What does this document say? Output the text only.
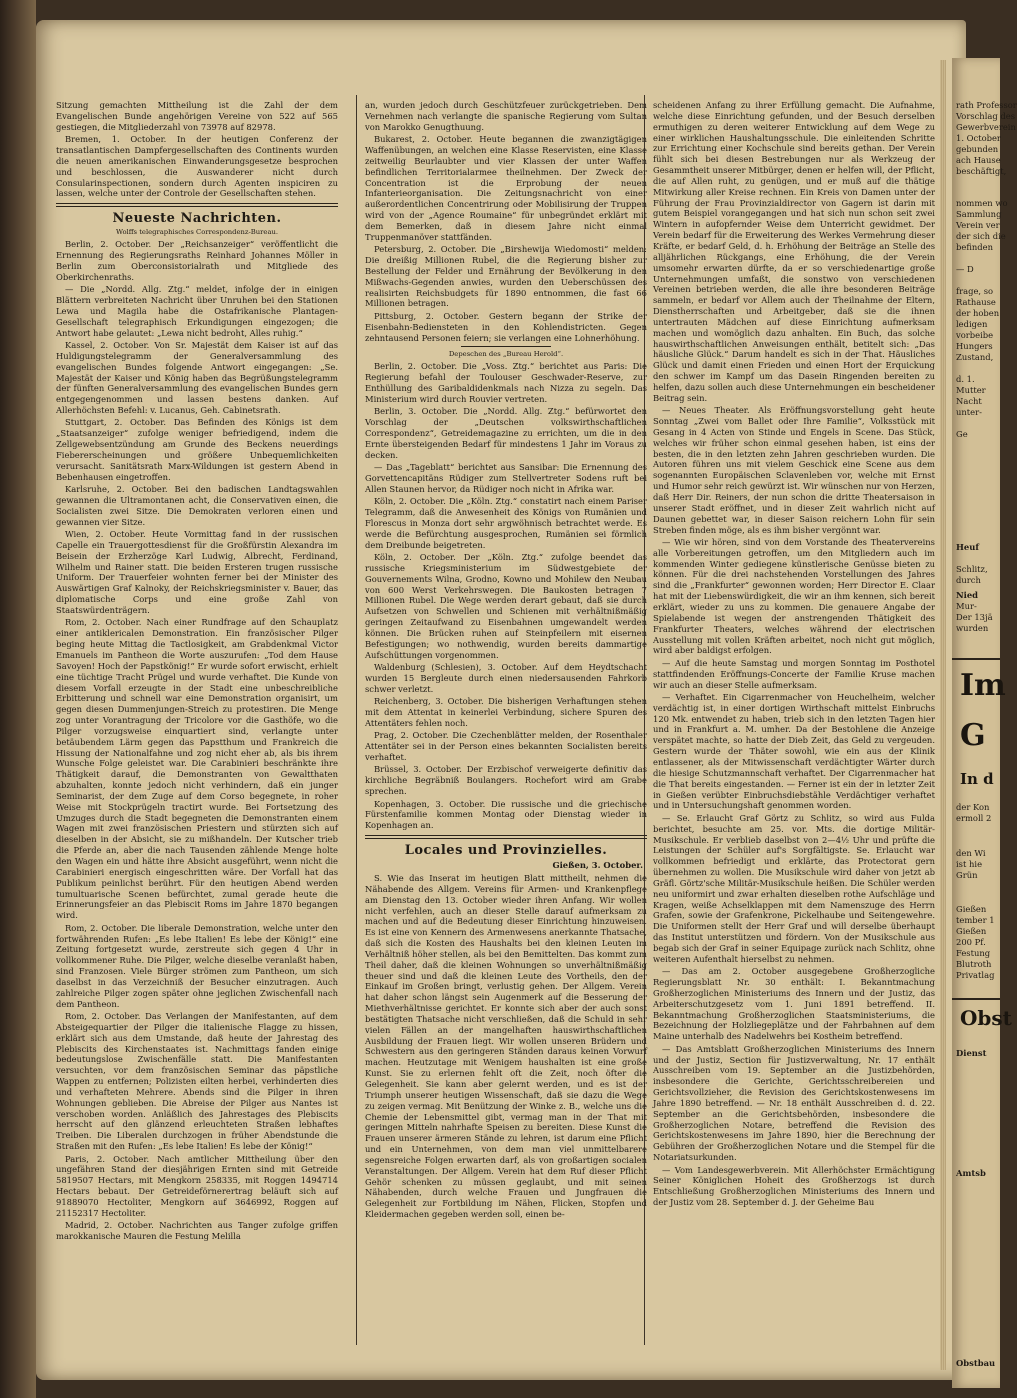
Sitzung gemachten Mittheilung ist die Zahl der dem Evangelischen Bunde angehörigen Vereine von 522 auf 565 gestiegen, die Mitgliederzahl von 73978 auf 82978.

Bremen, 1. October. In der heutigen Conferenz der transatlantischen Dampfergesellschaften des Continents wurden die neuen amerikanischen Einwanderungsgesetze besprochen und beschlossen, die Auswanderer nicht durch Consularinspectionen, sondern durch Agenten inspiciren zu lassen, welche unter der Controle der Gesellschaften stehen.

Neueste Nachrichten.
Wolffs telegraphisches Correspondenz-Bureau.

Berlin, 2. October. Der „Reichsanzeiger“ veröffentlicht die Ernennung des Regierungsraths Reinhard Johannes Möller in Berlin zum Oberconsistorialrath und Mitgliede des Oberkirchenraths.

— Die „Nordd. Allg. Ztg.“ meldet, infolge der in einigen Blättern verbreiteten Nachricht über Unruhen bei den Stationen Lewa und Magila habe die Ostafrikanische Plantagen-Gesellschaft telegraphisch Erkundigungen eingezogen; die Antwort habe gelautet: „Lewa nicht bedroht, Alles ruhig.“

Kassel, 2. October. Von Sr. Majestät dem Kaiser ist auf das Huldigungstelegramm der Generalversammlung des evangelischen Bundes folgende Antwort eingegangen: „Se. Majestät der Kaiser und König haben das Begrüßungstelegramm der fünften Generalversammlung des evangelischen Bundes gern entgegengenommen und lassen bestens danken. Auf Allerhöchsten Befehl: v. Lucanus, Geh. Cabinetsrath.

Stuttgart, 2. October. Das Befinden des Königs ist dem „Staatsanzeiger“ zufolge weniger befriedigend, indem die Zellgewebsentzündung am Grunde des Beckens neuerdings Fiebererscheinungen und größere Unbequemlichkeiten verursacht. Sanitätsrath Marx-Wildungen ist gestern Abend in Bebenhausen eingetroffen.

Karlsruhe, 2. October. Bei den badischen Landtagswahlen gewannen die Ultramontanen acht, die Conservativen einen, die Socialisten zwei Sitze. Die Demokraten verloren einen und gewannen vier Sitze.

Wien, 2. October. Heute Vormittag fand in der russischen Capelle ein Trauergottesdienst für die Großfürstin Alexandra im Beisein der Erzherzöge Karl Ludwig, Albrecht, Ferdinand, Wilhelm und Rainer statt. Die beiden Ersteren trugen russische Uniform. Der Trauerfeier wohnten ferner bei der Minister des Auswärtigen Graf Kalnoky, der Reichskriegsminister v. Bauer, das diplomatische Corps und eine große Zahl von Staatswürdenträgern.

Rom, 2. October. Nach einer Rundfrage auf den Schauplatz einer antiklericalen Demonstration. Ein französischer Pilger beging heute Mittag die Tactlosigkeit, am Grabdenkmal Victor Emanuels im Pantheon die Worte auszurufen: „Tod dem Hause Savoyen! Hoch der Papstkönig!“ Er wurde sofort erwischt, erhielt eine tüchtige Tracht Prügel und wurde verhaftet. Die Kunde von diesem Vorfall erzeugte in der Stadt eine unbeschreibliche Erbitterung und schnell war eine Demonstration organisirt, um gegen diesen Dummenjungen-Streich zu protestiren. Die Menge zog unter Vorantragung der Tricolore vor die Gasthöfe, wo die Pilger vorzugsweise einquartiert sind, verlangte unter betäubendem Lärm gegen das Papstthum und Frankreich die Hissung der Nationalfahne und zog nicht eher ab, als bis ihrem Wunsche Folge geleistet war. Die Carabinieri beschränkte ihre Thätigkeit darauf, die Demonstranten von Gewaltthaten abzuhalten, konnte jedoch nicht verhindern, daß ein junger Seminarist, der dem Zuge auf dem Corso begegnete, in roher Weise mit Stockprügeln tractirt wurde. Bei Fortsetzung des Umzuges durch die Stadt begegneten die Demonstranten einem Wagen mit zwei französischen Priestern und stürzten sich auf dieselben in der Absicht, sie zu mißhandeln. Der Kutscher trieb die Pferde an, aber die nach Tausenden zählende Menge holte den Wagen ein und hätte ihre Absicht ausgeführt, wenn nicht die Carabinieri energisch eingeschritten wäre. Der Vorfall hat das Publikum peinlichst berührt. Für den heutigen Abend werden tumultuarische Scenen befürchtet, zumal gerade heute die Erinnerungsfeier an das Plebiscit Roms im Jahre 1870 begangen wird.

Rom, 2. October. Die liberale Demonstration, welche unter den fortwährenden Rufen: „Es lebe Italien! Es lebe der König!“ eine Zeitung fortgesetzt wurde, zerstreute sich gegen 4 Uhr in vollkommener Ruhe. Die Pilger, welche dieselbe veranlaßt haben, sind Franzosen. Viele Bürger strömen zum Pantheon, um sich daselbst in das Verzeichniß der Besucher einzutragen. Auch zahlreiche Pilger zogen später ohne jeglichen Zwischenfall nach dem Pantheon.

Rom, 2. October. Das Verlangen der Manifestanten, auf dem Absteigequartier der Pilger die italienische Flagge zu hissen, erklärt sich aus dem Umstande, daß heute der Jahrestag des Plebiscits des Kirchenstaates ist. Nachmittags fanden einige bedeutungslose Zwischenfälle statt. Die Manifestanten versuchten, vor dem französischen Seminar das päpstliche Wappen zu entfernen; Polizisten eilten herbei, verhinderten dies und verhafteten Mehrere. Abends sind die Pilger in ihren Wohnungen geblieben. Die Abreise der Pilger aus Nantes ist verschoben worden. Anläßlich des Jahrestages des Plebiscits herrscht auf den glänzend erleuchteten Straßen lebhaftes Treiben. Die Liberalen durchzogen in früher Abendstunde die Straßen mit den Rufen: „Es lebe Italien! Es lebe der König!“

Paris, 2. October. Nach amtlicher Mittheilung über den ungefähren Stand der diesjährigen Ernten sind mit Getreide 5819507 Hectars, mit Mengkorn 258335, mit Roggen 1494714 Hectars bebaut. Der Getreideförnerertrag beläuft sich auf 91889070 Hectoliter, Mengkorn auf 3646992, Roggen auf 21152317 Hectoliter.

Madrid, 2. October. Nachrichten aus Tanger zufolge griffen marokkanische Mauren die Festung Melilla

an, wurden jedoch durch Geschützfeuer zurückgetrieben. Dem Vernehmen nach verlangte die spanische Regierung vom Sultan von Marokko Genugthuung.

Bukarest, 2. October. Heute begannen die zwanzigtägigen Waffenübungen, an welchen eine Klasse Reservisten, eine Klasse zeitweilig Beurlaubter und vier Klassen der unter Waffen befindlichen Territorialarmee theilnehmen. Der Zweck der Concentration ist die Erprobung der neuen Infanterieorganisation. Die Zeitungsnachricht von einer außerordentlichen Concentrirung oder Mobilisirung der Truppen wird von der „Agence Roumaine“ für unbegründet erklärt mit dem Bemerken, daß in diesem Jahre nicht einmal Truppenmanöver stattfänden.

Petersburg, 2. October. Die „Birshewija Wiedomosti“ melden: Die dreißig Millionen Rubel, die die Regierung bisher zur Bestellung der Felder und Ernährung der Bevölkerung in den Mißwachs-Gegenden anwies, wurden den Ueberschüssen des realisirten Reichsbudgets für 1890 entnommen, die fast 66 Millionen betragen.

Pittsburg, 2. October. Gestern begann der Strike der Eisenbahn-Bediensteten in den Kohlendistricten. Gegen zehntausend Personen feiern; sie verlangen eine Lohnerhöhung.

Depeschen des „Bureau Herold“.

Berlin, 2. October. Die „Voss. Ztg.“ berichtet aus Paris: Die Regierung befahl der Toulouser Geschwader-Reserve, zur Enthüllung des Garibaldidenkmals nach Nizza zu segeln. Das Ministerium wird durch Rouvier vertreten.

Berlin, 3. October. Die „Nordd. Allg. Ztg.“ befürwortet den Vorschlag der „Deutschen volkswirthschaftlichen Correspondenz“, Getreidemagazine zu errichten, um die in den Ernte übersteigenden Bedarf für mindestens 1 Jahr im Voraus zu decken.

— Das „Tageblatt“ berichtet aus Sansibar: Die Ernennung des Gorvettencapitäns Rüdiger zum Stellvertreter Sodens ruft bei Allen Staunen hervor, da Rüdiger noch nicht in Afrika war.

Köln, 2. October. Die „Köln. Ztg.“ constatirt nach einem Pariser Telegramm, daß die Anwesenheit des Königs von Rumänien und Florescus in Monza dort sehr argwöhnisch betrachtet werde. Es werde die Befürchtung ausgesprochen, Rumänien sei förmlich dem Dreibunde beigetreten.

Köln, 2. October. Der „Köln. Ztg.“ zufolge beendet das russische Kriegsministerium im Südwestgebiete der Gouvernements Wilna, Grodno, Kowno und Mohilew den Neubau von 600 Werst Verkehrswegen. Die Baukosten betragen 7 Millionen Rubel. Die Wege werden derart gebaut, daß sie durch Aufsetzen von Schwellen und Schienen mit verhältnißmäßig geringen Zeitaufwand zu Eisenbahnen umgewandelt werden können. Die Brücken ruhen auf Steinpfeilern mit eisernen Befestigungen; wo nothwendig, wurden bereits dammartige Aufschüttungen vorgenommen.

Waldenburg (Schlesien), 3. October. Auf dem Heydtschacht wurden 15 Bergleute durch einen niedersausenden Fahrkorb schwer verletzt.

Reichenberg, 3. October. Die bisherigen Verhaftungen stehen mit dem Attentat in keinerlei Verbindung, sichere Spuren des Attentäters fehlen noch.

Prag, 2. October. Die Czechenblätter melden, der Rosenthaler Attentäter sei in der Person eines bekannten Socialisten bereits verhaftet.

Brüssel, 3. October. Der Erzbischof verweigerte definitiv das kirchliche Begräbniß Boulangers. Rochefort wird am Grabe sprechen.

Kopenhagen, 3. October. Die russische und die griechische Fürstenfamilie kommen Montag oder Dienstag wieder in Kopenhagen an.

Locales und Provinzielles.
Gießen, 3. October.

S. Wie das Inserat im heutigen Blatt mittheilt, nehmen die Nähabende des Allgem. Vereins für Armen- und Krankenpflege am Dienstag den 13. October wieder ihren Anfang. Wir wollen nicht verfehlen, auch an dieser Stelle darauf aufmerksam zu machen und auf die Bedeutung dieser Einrichtung hinzuweisen. Es ist eine von Kennern des Armenwesens anerkannte Thatsache, daß sich die Kosten des Haushalts bei den kleinen Leuten im Verhältniß höher stellen, als bei den Bemittelten. Das kommt zum Theil daher, daß die kleinen Wohnungen so unverhältnißmäßig theuer sind und daß die kleinen Leute des Vortheils, den der Einkauf im Großen bringt, verlustig gehen. Der Allgem. Verein hat daher schon längst sein Augenmerk auf die Besserung der Miethverhältnisse gerichtet. Er konnte sich aber der auch sonst bestätigten Thatsache nicht verschließen, daß die Schuld in sehr vielen Fällen an der mangelhaften hauswirthschaftlichen Ausbildung der Frauen liegt. Wir wollen unseren Brüdern und Schwestern aus den geringeren Ständen daraus keinen Vorwurf machen. Heutzutage mit Wenigem haushalten ist eine große Kunst. Sie zu erlernen fehlt oft die Zeit, noch öfter die Gelegenheit. Sie kann aber gelernt werden, und es ist der Triumph unserer heutigen Wissenschaft, daß sie dazu die Wege zu zeigen vermag. Mit Benützung der Winke z. B., welche uns die Chemie der Lebensmittel gibt, vermag man in der That mit geringen Mitteln nahrhafte Speisen zu bereiten. Diese Kunst die Frauen unserer ärmeren Stände zu lehren, ist darum eine Pflicht und ein Unternehmen, von dem man viel unmittelbarere segensreiche Folgen erwarten darf, als von großartigen socialen Veranstaltungen. Der Allgem. Verein hat dem Ruf dieser Pflicht Gehör schenken zu müssen geglaubt, und mit seinen Nähabenden, durch welche Frauen und Jungfrauen die Gelegenheit zur Fortbildung im Nähen, Flicken, Stopfen und Kleidermachen gegeben werden soll, einen be-

scheidenen Anfang zu ihrer Erfüllung gemacht. Die Aufnahme, welche diese Einrichtung gefunden, und der Besuch derselben ermuthigen zu deren weiterer Entwicklung auf dem Wege zu einer wirklichen Haushaltungsschule. Die einleitenden Schritte zur Errichtung einer Kochschule sind bereits gethan. Der Verein fühlt sich bei diesen Bestrebungen nur als Werkzeug der Gesammtheit unserer Mitbürger, denen er helfen will, der Pflicht, die auf Allen ruht, zu genügen, und er muß auf die thätige Mitwirkung aller Kreise rechnen. Ein Kreis von Damen unter der Führung der Frau Provinzialdirector von Gagern ist darin mit gutem Beispiel vorangegangen und hat sich nun schon seit zwei Wintern in aufopfernder Weise dem Unterricht gewidmet. Der Verein bedarf für die Erweiterung des Werkes Vermehrung dieser Kräfte, er bedarf Geld, d. h. Erhöhung der Beiträge an Stelle des alljährlichen Rückgangs, eine Erhöhung, die der Verein umsomehr erwarten dürfte, da er so verschiedenartige große Unternehmungen umfaßt, die sonstwo von verschiedenen Vereinen betrieben werden, die alle ihre besonderen Beiträge sammeln, er bedarf vor Allem auch der Theilnahme der Eltern, Dienstherrschaften und Arbeitgeber, daß sie die ihnen untertrauten Mädchen auf diese Einrichtung aufmerksam machen und womöglich dazu anhalten. Ein Buch, das solche hauswirthschaftlichen Anweisungen enthält, betitelt sich: „Das häusliche Glück.“ Darum handelt es sich in der That. Häusliches Glück und damit einen Frieden und einen Hort der Erquickung den schwer im Kampf um das Dasein Ringenden bereiten zu helfen, dazu sollen auch diese Unternehmungen ein bescheidener Beitrag sein.

— Neues Theater. Als Eröffnungsvorstellung geht heute Sonntag „Zwei vom Ballet oder Ihre Familie“, Volksstück mit Gesang in 4 Acten von Stinde und Engels in Scene. Das Stück, welches wir früher schon einmal gesehen haben, ist eins der besten, die in den letzten zehn Jahren geschrieben wurden. Die Autoren führen uns mit vielem Geschick eine Scene aus dem sogenannten Europäischen Sclavenleben vor, welche mit Ernst und Humor sehr reich gewürzt ist. Wir wünschen nur von Herzen, daß Herr Dir. Reiners, der nun schon die dritte Theatersaison in unserer Stadt eröffnet, und in dieser Zeit wahrlich nicht auf Daunen gebettet war, in dieser Saison reichern Lohn für sein Streben finden möge, als es ihm bisher vergönnt war.

— Wie wir hören, sind von dem Vorstande des Theatervereins alle Vorbereitungen getroffen, um den Mitgliedern auch im kommenden Winter gediegene künstlerische Genüsse bieten zu können. Für die drei nachstehenden Vorstellungen des Jahres sind die „Frankfurter“ gewonnen worden; Herr Director E. Claar hat mit der Liebenswürdigkeit, die wir an ihm kennen, sich bereit erklärt, wieder zu uns zu kommen. Die genauere Angabe der Spielabende ist wegen der anstrengenden Thätigkeit des Frankfurter Theaters, welches während der electrischen Ausstellung mit vollen Kräften arbeitet, noch nicht gut möglich, wird aber baldigst erfolgen.

— Auf die heute Samstag und morgen Sonntag im Posthotel stattfindenden Eröffnungs-Concerte der Familie Kruse machen wir auch an dieser Stelle aufmerksam.

— Verhaftet. Ein Cigarrenmacher von Heuchelheim, welcher verdächtig ist, in einer dortigen Wirthschaft mittelst Einbruchs 120 Mk. entwendet zu haben, trieb sich in den letzten Tagen hier und in Frankfurt a. M. umher. Da der Bestohlene die Anzeige verspätet machte, so hatte der Dieb Zeit, das Geld zu vergeuden. Gestern wurde der Thäter sowohl, wie ein aus der Klinik entlassener, als der Mitwissenschaft verdächtigter Wärter durch die hiesige Schutzmannschaft verhaftet. Der Cigarrenmacher hat die That bereits eingestanden. — Ferner ist ein der in letzter Zeit in Gießen verübter Einbruchsdiebstähle Verdächtiger verhaftet und in Untersuchungshaft genommen worden.

— Se. Erlaucht Graf Görtz zu Schlitz, so wird aus Fulda berichtet, besuchte am 25. vor. Mts. die dortige Militär-Musikschule. Er verblieb daselbst von 2—4½ Uhr und prüfte die Leistungen der Schüler auf's Sorgfältigste. Se. Erlaucht war vollkommen befriedigt und erklärte, das Protectorat gern übernehmen zu wollen. Die Musikschule wird daher von jetzt ab Gräfl. Görtz'sche Militär-Musikschule heißen. Die Schüler werden neu uniformirt und zwar erhalten dieselben rothe Aufschläge und Kragen, weiße Achselklappen mit dem Namenszuge des Herrn Grafen, sowie der Grafenkrone, Pickelhaube und Seitengewehre. Die Uniformen stellt der Herr Graf und will derselbe überhaupt das Institut unterstützen und fördern. Von der Musikschule aus begab sich der Graf in seiner Equipage zurück nach Schlitz, ohne weiteren Aufenthalt hierselbst zu nehmen.

— Das am 2. October ausgegebene Großherzogliche Regierungsblatt Nr. 30 enthält: I. Bekanntmachung Großherzoglichen Ministeriums des Innern und der Justiz, das Arbeiterschutzgesetz vom 1. Juni 1891 betreffend. II. Bekanntmachung Großherzoglichen Staatsministeriums, die Bezeichnung der Holzliegeplätze und der Fahrbahnen auf dem Maine unterhalb des Nadelwehrs bei Kostheim betreffend.

— Das Amtsblatt Großherzoglichen Ministeriums des Innern und der Justiz, Section für Justizverwaltung, Nr. 17 enthält Ausschreiben vom 19. September an die Justizbehörden, insbesondere die Gerichte, Gerichtsschreibereien und Gerichtsvollzieher, die Revision des Gerichtskostenwesens im Jahre 1890 betreffend. — Nr. 18 enthält Ausschreiben d. d. 22. September an die Gerichtsbehörden, insbesondere die Großherzoglichen Notare, betreffend die Revision des Gerichtskostenwesens im Jahre 1890, hier die Berechnung der Gebühren der Großherzoglichen Notare und die Stempel für die Notariatsurkunden.

— Vom Landesgewerbverein. Mit Allerhöchster Ermächtigung Seiner Königlichen Hoheit des Großherzogs ist durch Entschließung Großherzoglichen Ministeriums des Innern und der Justiz vom 28. September d. J. der Geheime Bau

rath Professor
Vorschlag des
Gewerbverein
1. October
gebunden
ach Hause
beschäftigt,
nommen wo
Sammlung
Verein ver
der sich die
befinden
— D
frage, so
Rathause
der hoben
ledigen
vorbeibe
Hungers
Zustand,
d. 1.
Mutter
Nacht
unter-
Ge
Heuf
Schlitz,
durch
Nied
Mur-
Der 13jä
wurden
Im
G
In d
der Kon
ermoll 2
den Wi
ist hie
Grün
Gießen
tember 1
Gießen
200 Pf.
Festung
Blutroth
Privatlag
Obst
Dienst
Amtsb
Obstbau
